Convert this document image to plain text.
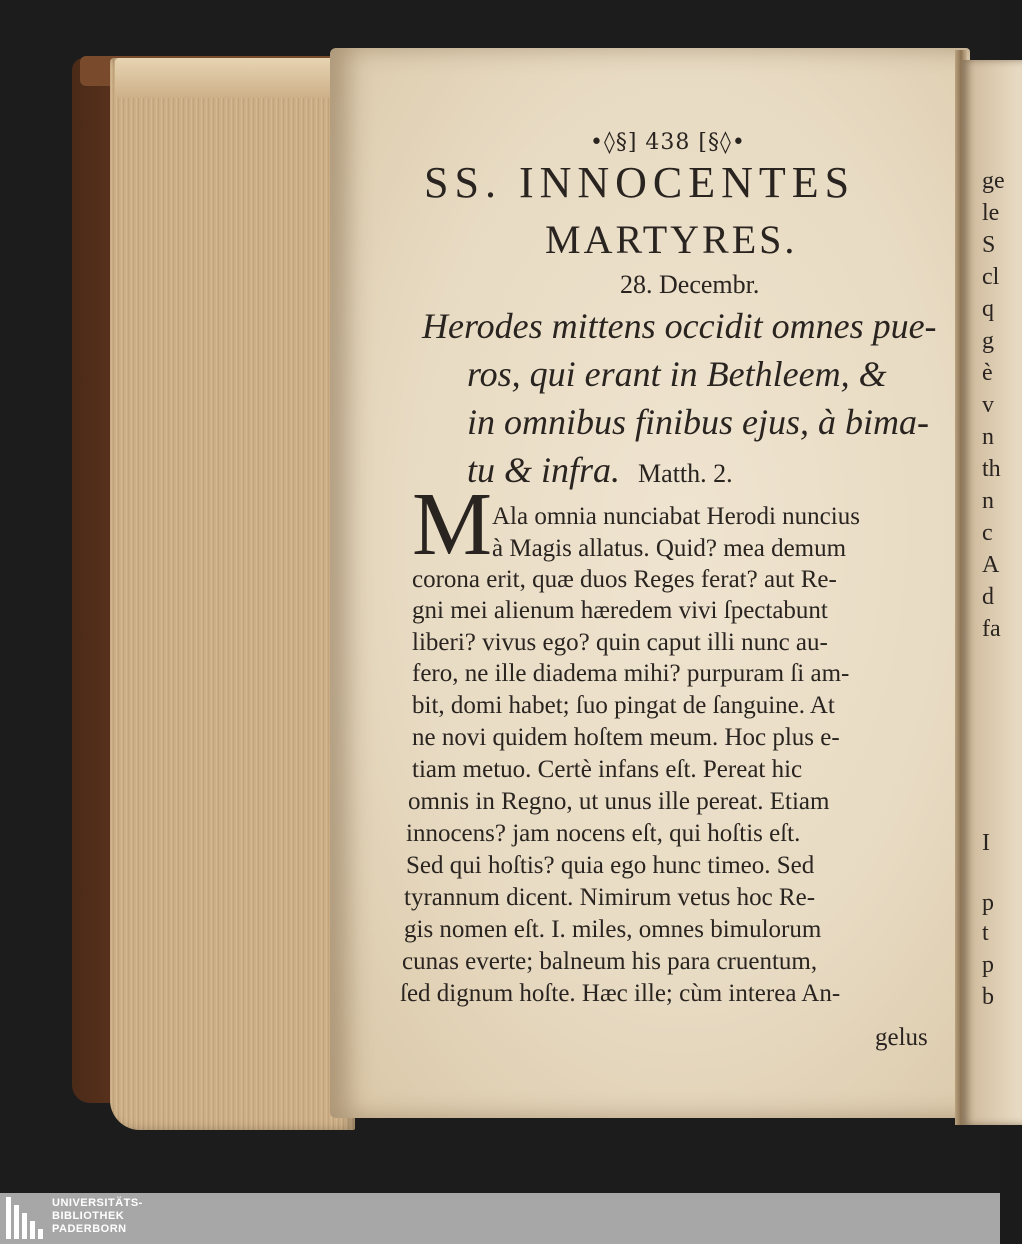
•◊§] 438 [§◊•
SS. INNOCENTES
MARTYRES.
28. Decembr.
Herodes mittens occidit omnes pue-
ros, qui erant in Bethleem, &
in omnibus finibus ejus, à bima-
tu & infra. Matth. 2.
M Ala omnia nunciabat Herodi nuncius
à Magis allatus. Quid? mea demum
corona erit, quæ duos Reges ferat? aut Re-
gni mei alienum hæredem vivi ſpectabunt
liberi? vivus ego? quin caput illi nunc au-
fero, ne ille diadema mihi? purpuram ſi am-
bit, domi habet; ſuo pingat de ſanguine. At
ne novi quidem hoſtem meum. Hoc plus e-
tiam metuo. Certè infans eſt. Pereat hic
omnis in Regno, ut unus ille pereat. Etiam
innocens? jam nocens eſt, qui hoſtis eſt.
Sed qui hoſtis? quia ego hunc timeo. Sed
tyrannum dicent. Nimirum vetus hoc Re-
gis nomen eſt. I. miles, omnes bimulorum
cunas everte; balneum his para cruentum,
ſed dignum hoſte. Hæc ille; cùm interea An-
gelus
ge
le
S
cl
q
g
è
v
n
th
n
c
A
d
fa
I
p
t
p
b
UNIVERSITÄTS-
BIBLIOTHEK
PADERBORN
